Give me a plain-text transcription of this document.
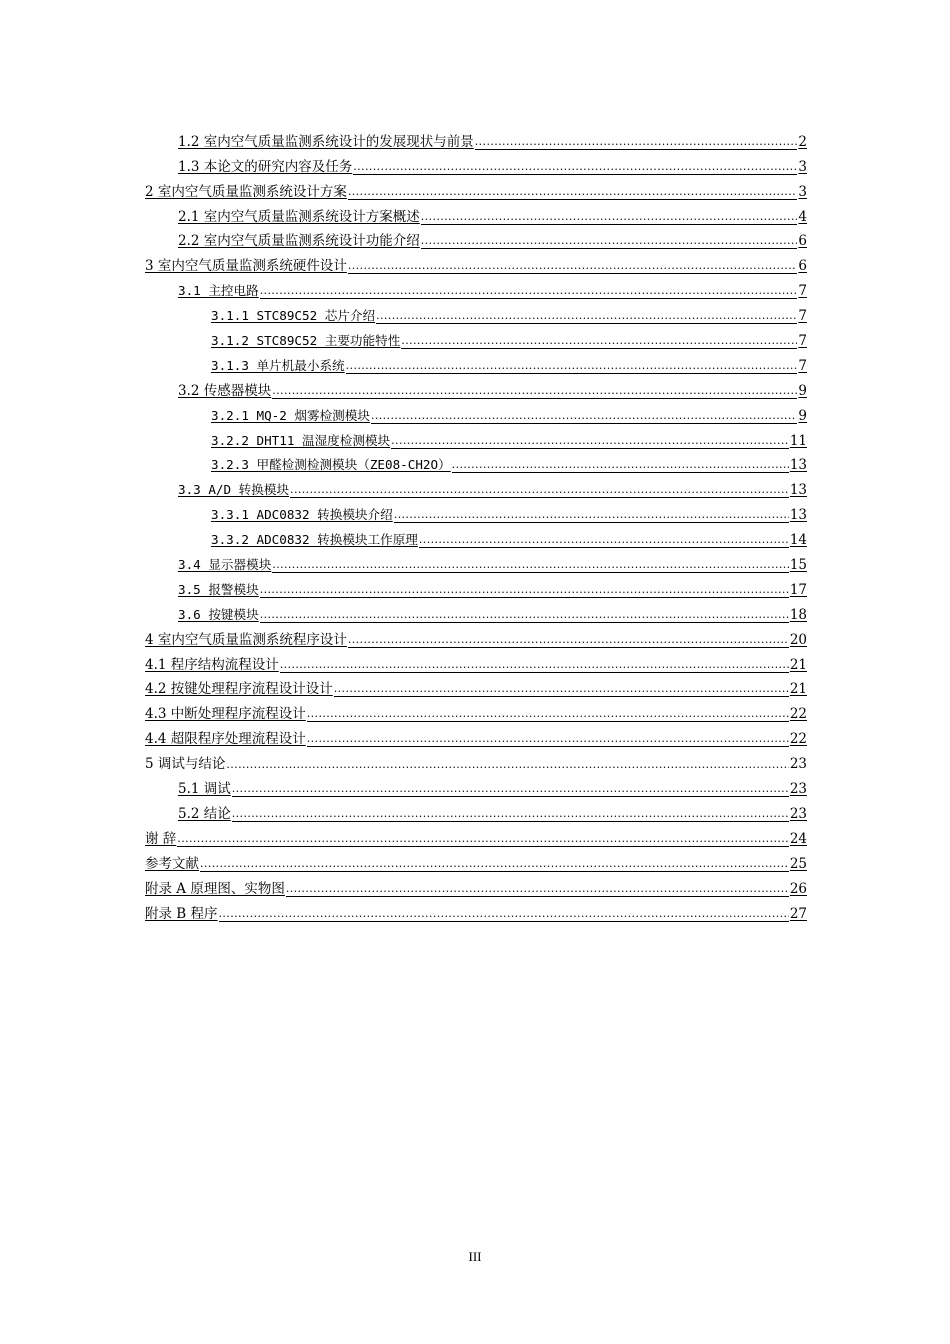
1.2 室内空气质量监测系统设计的发展现状与前景 .....	2
1.3 本论文的研究内容及任务 .....	3
2 室内空气质量监测系统设计方案 .....	3
2.1 室内空气质量监测系统设计方案概述 .....	4
2.2 室内空气质量监测系统设计功能介绍 .....	6
3 室内空气质量监测系统硬件设计 .....	6
3.1 主控电路 .....	7
3.1.1 STC89C52 芯片介绍 .....	7
3.1.2 STC89C52 主要功能特性 .....	7
3.1.3 单片机最小系统 .....	7
3.2 传感器模块 .....	9
3.2.1 MQ-2 烟雾检测模块 .....	9
3.2.2 DHT11 温湿度检测模块 .....	11
3.2.3 甲醛检测检测模块（ZE08-CH2O） .....	13
3.3 A/D 转换模块 .....	13
3.3.1 ADC0832 转换模块介绍 .....	13
3.3.2 ADC0832 转换模块工作原理 .....	14
3.4 显示器模块 .....	15
3.5 报警模块 .....	17
3.6 按键模块 .....	18
4 室内空气质量监测系统程序设计 .....	20
4.1 程序结构流程设计 .....	21
4.2 按键处理程序流程设计设计 .....	21
4.3 中断处理程序流程设计 .....	22
4.4 超限程序处理流程设计 .....	22
5 调试与结论 .....	23
5.1 调试 .....	23
5.2 结论 .....	23
谢 辞 .....	24
参考文献 .....	25
附录 A 原理图、实物图 .....	26
附录 B 程序 .....	27
III
